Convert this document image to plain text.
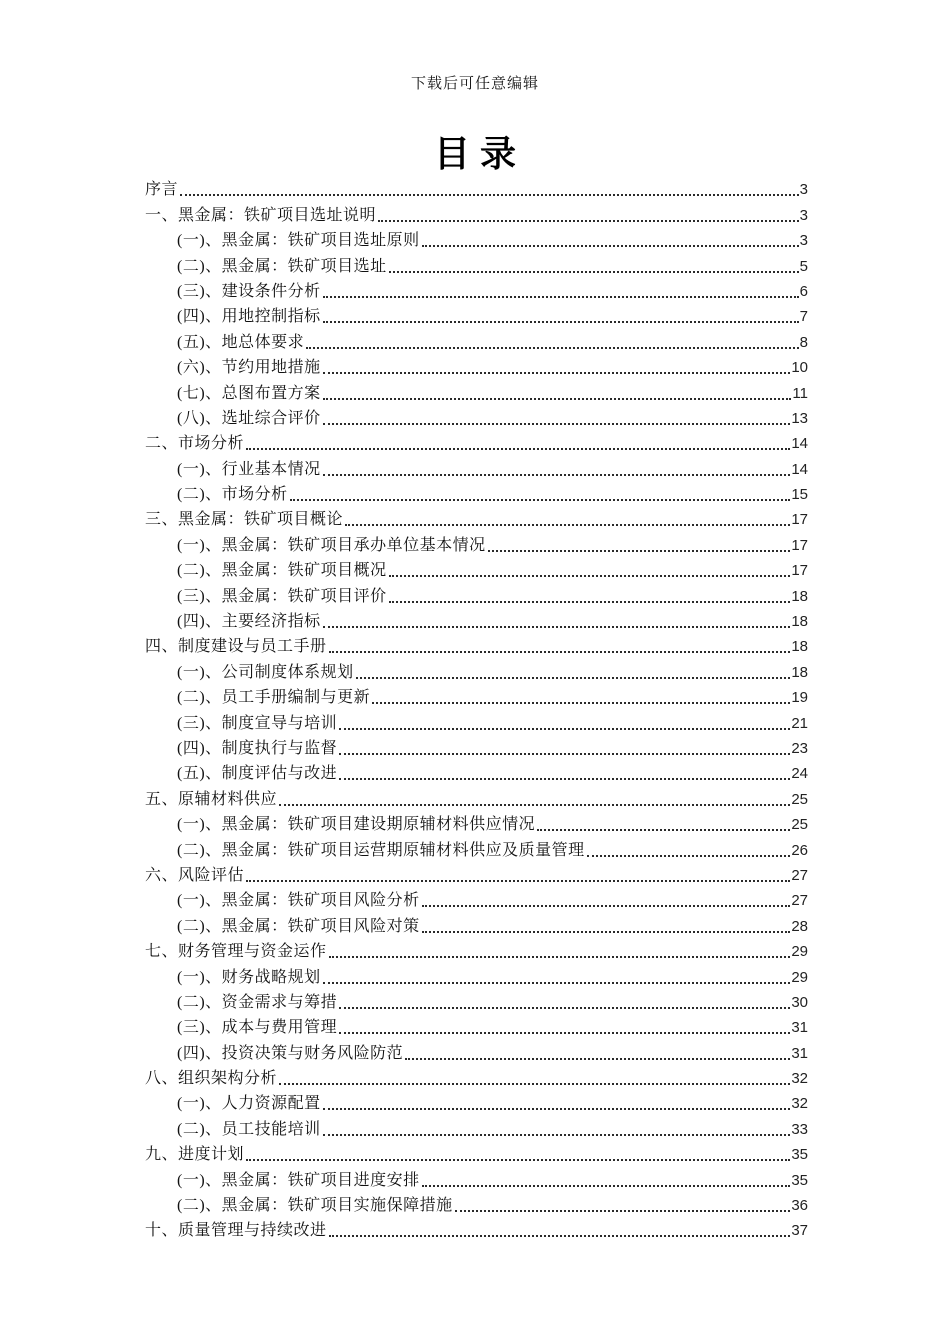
下载后可任意编辑
目录
序言	3
一、黑金属：铁矿项目选址说明	3
(一)、黑金属：铁矿项目选址原则	3
(二)、黑金属：铁矿项目选址	5
(三)、建设条件分析	6
(四)、用地控制指标	7
(五)、地总体要求	8
(六)、节约用地措施	10
(七)、总图布置方案	11
(八)、选址综合评价	13
二、市场分析	14
(一)、行业基本情况	14
(二)、市场分析	15
三、黑金属：铁矿项目概论	17
(一)、黑金属：铁矿项目承办单位基本情况	17
(二)、黑金属：铁矿项目概况	17
(三)、黑金属：铁矿项目评价	18
(四)、主要经济指标	18
四、制度建设与员工手册	18
(一)、公司制度体系规划	18
(二)、员工手册编制与更新	19
(三)、制度宣导与培训	21
(四)、制度执行与监督	23
(五)、制度评估与改进	24
五、原辅材料供应	25
(一)、黑金属：铁矿项目建设期原辅材料供应情况	25
(二)、黑金属：铁矿项目运营期原辅材料供应及质量管理	26
六、风险评估	27
(一)、黑金属：铁矿项目风险分析	27
(二)、黑金属：铁矿项目风险对策	28
七、财务管理与资金运作	29
(一)、财务战略规划	29
(二)、资金需求与筹措	30
(三)、成本与费用管理	31
(四)、投资决策与财务风险防范	31
八、组织架构分析	32
(一)、人力资源配置	32
(二)、员工技能培训	33
九、进度计划	35
(一)、黑金属：铁矿项目进度安排	35
(二)、黑金属：铁矿项目实施保障措施	36
十、质量管理与持续改进	37
